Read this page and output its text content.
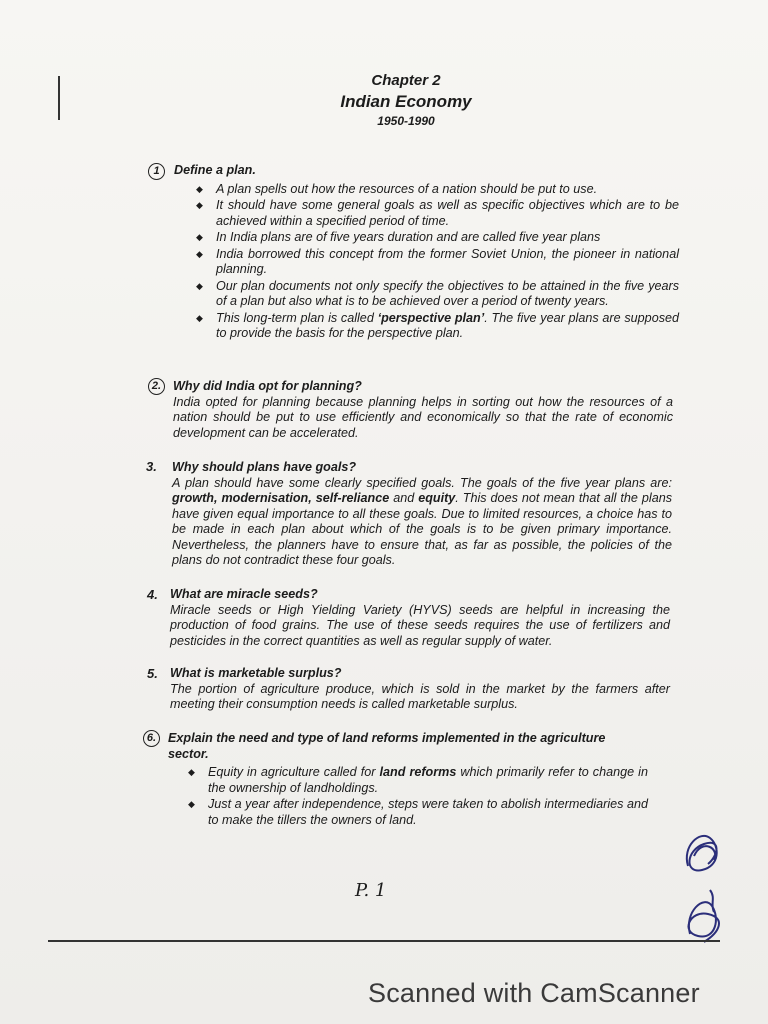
Chapter 2
Indian Economy
1950-1990
1	Define a plan.
◆ A plan spells out how the resources of a nation should be put to use.
◆ It should have some general goals as well as specific objectives which are to be achieved within a specified period of time.
◆ In India plans are of five years duration and are called five year plans
◆ India borrowed this concept from the former Soviet Union, the pioneer in national planning.
◆ Our plan documents not only specify the objectives to be attained in the five years of a plan but also what is to be achieved over a period of twenty years.
◆ This long-term plan is called ‘perspective plan’. The five year plans are supposed to provide the basis for the perspective plan.
2. Why did India opt for planning?
India opted for planning because planning helps in sorting out how the resources of a nation should be put to use efficiently and economically so that the rate of economic development can be accelerated.
3. Why should plans have goals?
A plan should have some clearly specified goals. The goals of the five year plans are: growth, modernisation, self-reliance and equity. This does not mean that all the plans have given equal importance to all these goals. Due to limited resources, a choice has to be made in each plan about which of the goals is to be given primary importance. Nevertheless, the planners have to ensure that, as far as possible, the policies of the plans do not contradict these four goals.
4. What are miracle seeds?
Miracle seeds or High Yielding Variety (HYVS) seeds are helpful in increasing the production of food grains. The use of these seeds requires the use of fertilizers and pesticides in the correct quantities as well as regular supply of water.
5. What is marketable surplus?
The portion of agriculture produce, which is sold in the market by the farmers after meeting their consumption needs is called marketable surplus.
6. Explain the need and type of land reforms implemented in the agriculture sector.
◆ Equity in agriculture called for land reforms which primarily refer to change in the ownership of landholdings.
◆ Just a year after independence, steps were taken to abolish intermediaries and to make the tillers the owners of land.
P. 1
Scanned with CamScanner
